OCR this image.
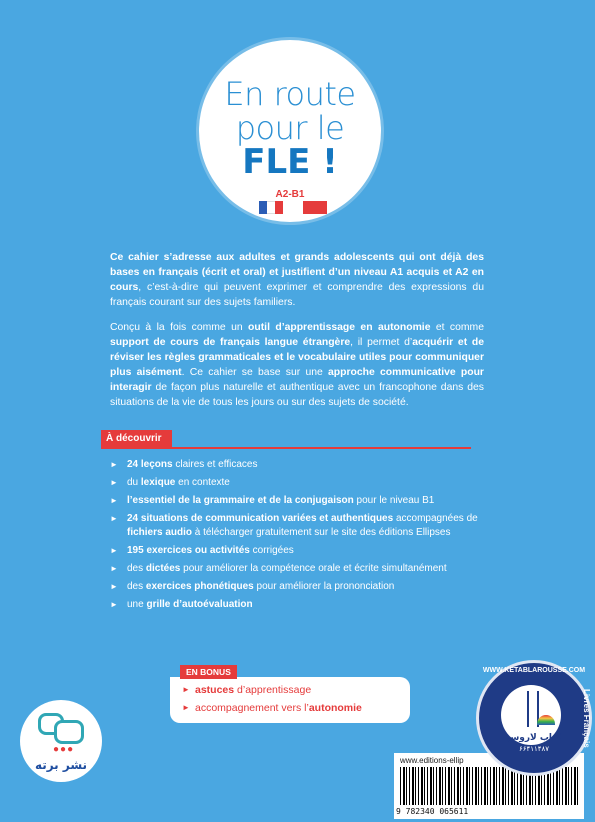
En route
pour le
FLE !
A2-B1

Ce cahier s’adresse aux adultes et grands adolescents qui ont déjà des bases en français (écrit et oral) et justifient d’un niveau A1 acquis et A2 en cours, c’est-à-dire qui peuvent exprimer et comprendre des expressions du français courant sur des sujets familiers.

Conçu à la fois comme un outil d’apprentissage en autonomie et comme support de cours de français langue étrangère, il permet d’acquérir et de réviser les règles grammaticales et le vocabulaire utiles pour communiquer plus aisément. Ce cahier se base sur une approche communicative pour interagir de façon plus naturelle et authentique avec un francophone dans des situations de la vie de tous les jours ou sur des sujets de société.

À découvrir
► 24 leçons claires et efficaces
► du lexique en contexte
► l’essentiel de la grammaire et de la conjugaison pour le niveau B1
► 24 situations de communication variées et authentiques accompagnées de fichiers audio à télécharger gratuitement sur le site des éditions Ellipses
► 195 exercices ou activités corrigées
► des dictées pour améliorer la compétence orale et écrite simultanément
► des exercices phonétiques pour améliorer la prononciation
► une grille d’autoévaluation
EN BONUS
► astuces d’apprentissage
► accompagnement vers l’autonomie
●●●
نشر برته	www.editions-ellip
9 782340 065611
WWW.KETABLAROUSSE.COM
کتاب لاروس
۶۶۴۱۱۴۸۷
Livres Français
